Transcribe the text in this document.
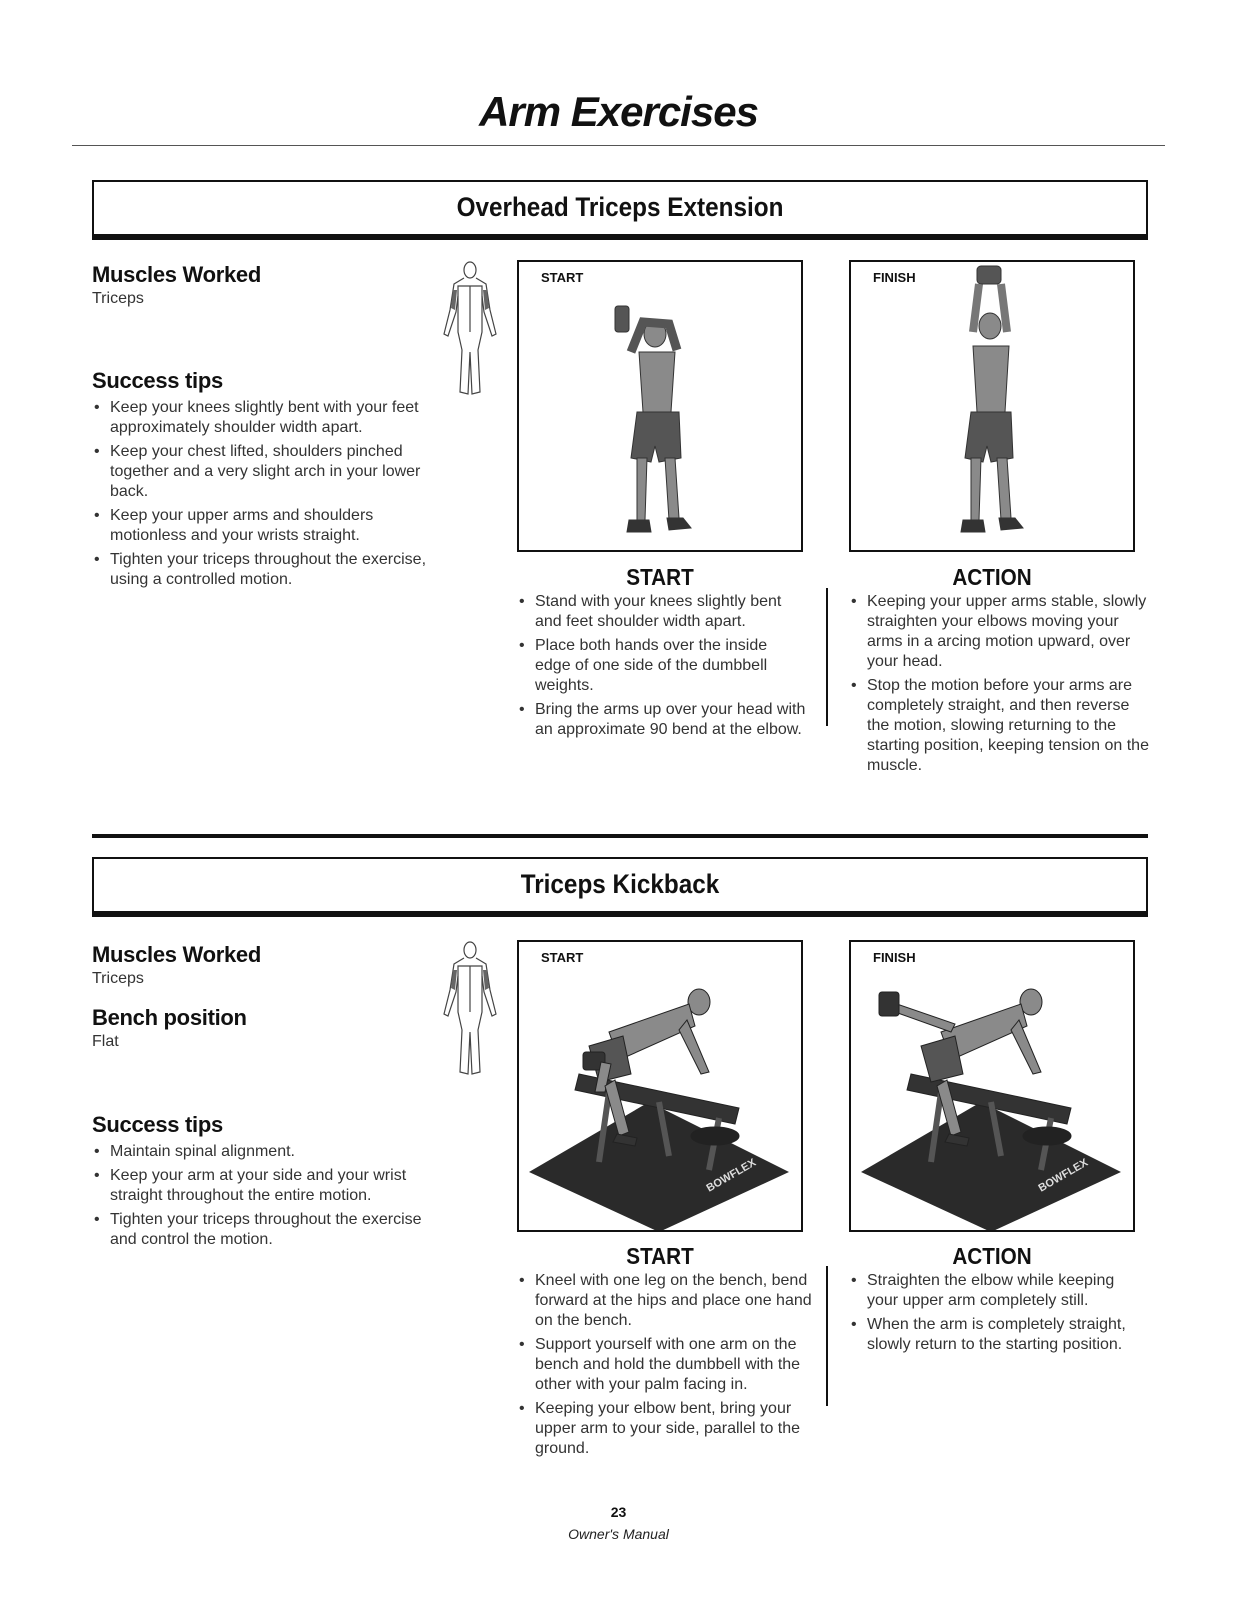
Arm Exercises
Overhead Triceps Extension
Muscles Worked
Triceps
Success tips
• Keep your knees slightly bent with your feet approximately shoulder width apart.
• Keep your chest lifted, shoulders pinched together and a very slight arch in your lower back.
• Keep your upper arms and shoulders motionless and your wrists straight.
• Tighten your triceps throughout the exercise, using a controlled motion.
START	FINISH
START
• Stand with your knees slightly bent and feet shoulder width apart.
• Place both hands over the inside edge of one side of the dumbbell weights.
• Bring the arms up over your head with an approximate 90 bend at the elbow.
ACTION
• Keeping your upper arms stable, slowly straighten your elbows moving your arms in a arcing motion upward, over your head.
• Stop the motion before your arms are completely straight, and then reverse the motion, slowing returning to the starting position, keeping tension on the muscle.
Triceps Kickback
Muscles Worked
Triceps
Bench position
Flat
Success tips
• Maintain spinal alignment.
• Keep your arm at your side and your wrist straight throughout the entire motion.
• Tighten your triceps throughout the exercise and control the motion.
START
BOWFLEX
FINISH
BOWFLEX
START
• Kneel with one leg on the bench, bend forward at the hips and place one hand on the bench.
• Support yourself with one arm on the bench and hold the dumbbell with the other with your palm facing in.
• Keeping your elbow bent, bring your upper arm to your side, parallel to the ground.
ACTION
• Straighten the elbow while keeping your upper arm completely still.
• When the arm is completely straight, slowly return to the starting position.
23
Owner's Manual
